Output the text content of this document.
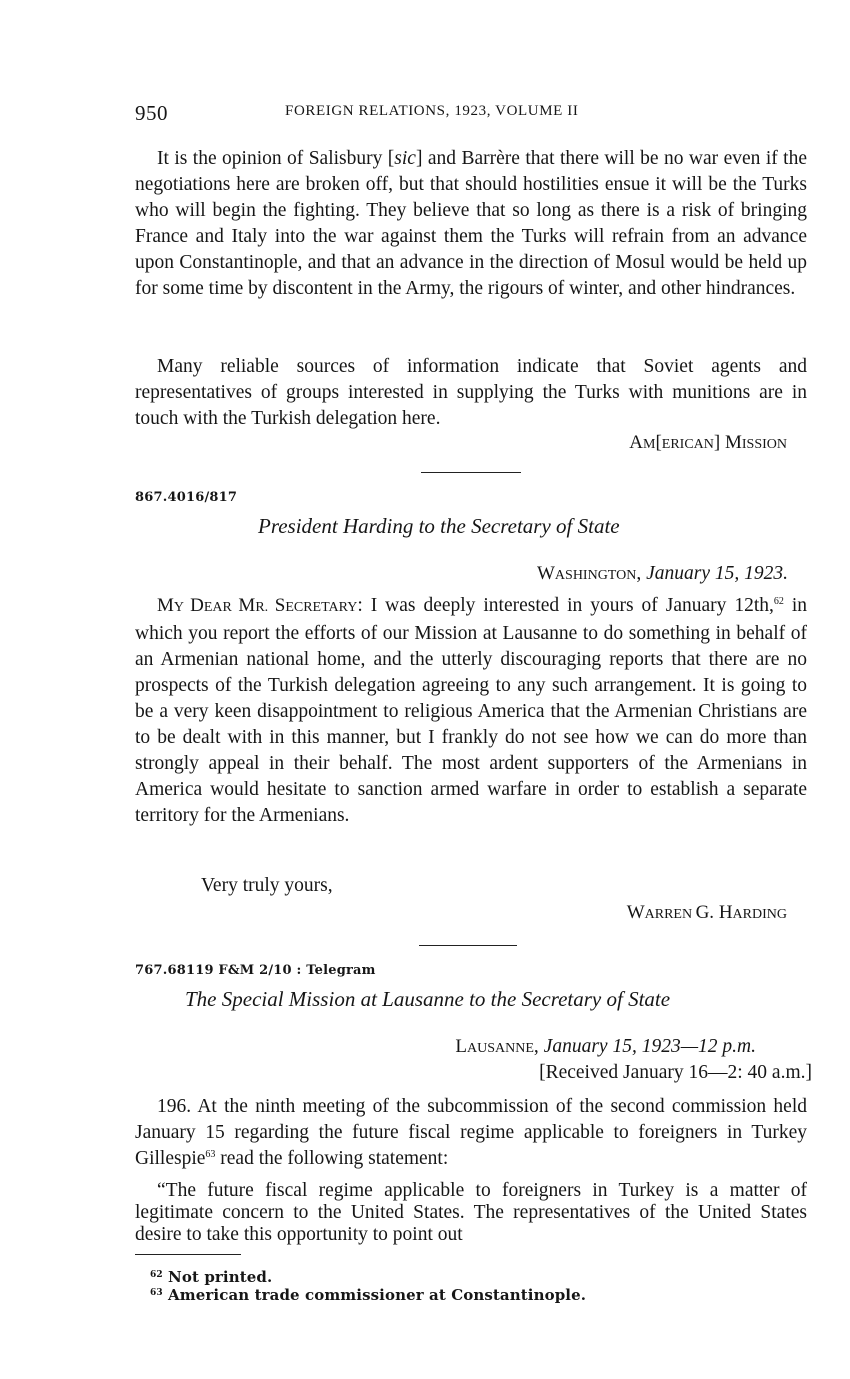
950	FOREIGN RELATIONS, 1923, VOLUME II

It is the opinion of Salisbury [sic] and Barrère that there will be no war even if the negotiations here are broken off, but that should hostilities ensue it will be the Turks who will begin the fighting. They believe that so long as there is a risk of bringing France and Italy into the war against them the Turks will refrain from an advance upon Constantinople, and that an advance in the direction of Mosul would be held up for some time by discontent in the Army, the rigours of winter, and other hindrances.

Many reliable sources of information indicate that Soviet agents and representatives of groups interested in supplying the Turks with munitions are in touch with the Turkish delegation here.

AM[ERICAN] MISSION
867.4016/817
President Harding to the Secretary of State
WASHINGTON, January 15, 1923.

MY DEAR MR. SECRETARY: I was deeply interested in yours of January 12th,$^{62}$ in which you report the efforts of our Mission at Lausanne to do something in behalf of an Armenian national home, and the utterly discouraging reports that there are no prospects of the Turkish delegation agreeing to any such arrangement. It is going to be a very keen disappointment to religious America that the Armenian Christians are to be dealt with in this manner, but I frankly do not see how we can do more than strongly appeal in their behalf. The most ardent supporters of the Armenians in America would hesitate to sanction armed warfare in order to establish a separate territory for the Armenians.

Very truly yours,
WARREN G. HARDING
767.68119 F&M 2/10 : Telegram
The Special Mission at Lausanne to the Secretary of State
LAUSANNE, January 15, 1923—12 p.m.
[Received January 16—2: 40 a.m.]

196. At the ninth meeting of the subcommission of the second commission held January 15 regarding the future fiscal regime applicable to foreigners in Turkey Gillespie$^{63}$ read the following statement:

“The future fiscal regime applicable to foreigners in Turkey is a matter of legitimate concern to the United States. The representatives of the United States desire to take this opportunity to point out

$^{62}$ Not printed.
$^{63}$ American trade commissioner at Constantinople.
